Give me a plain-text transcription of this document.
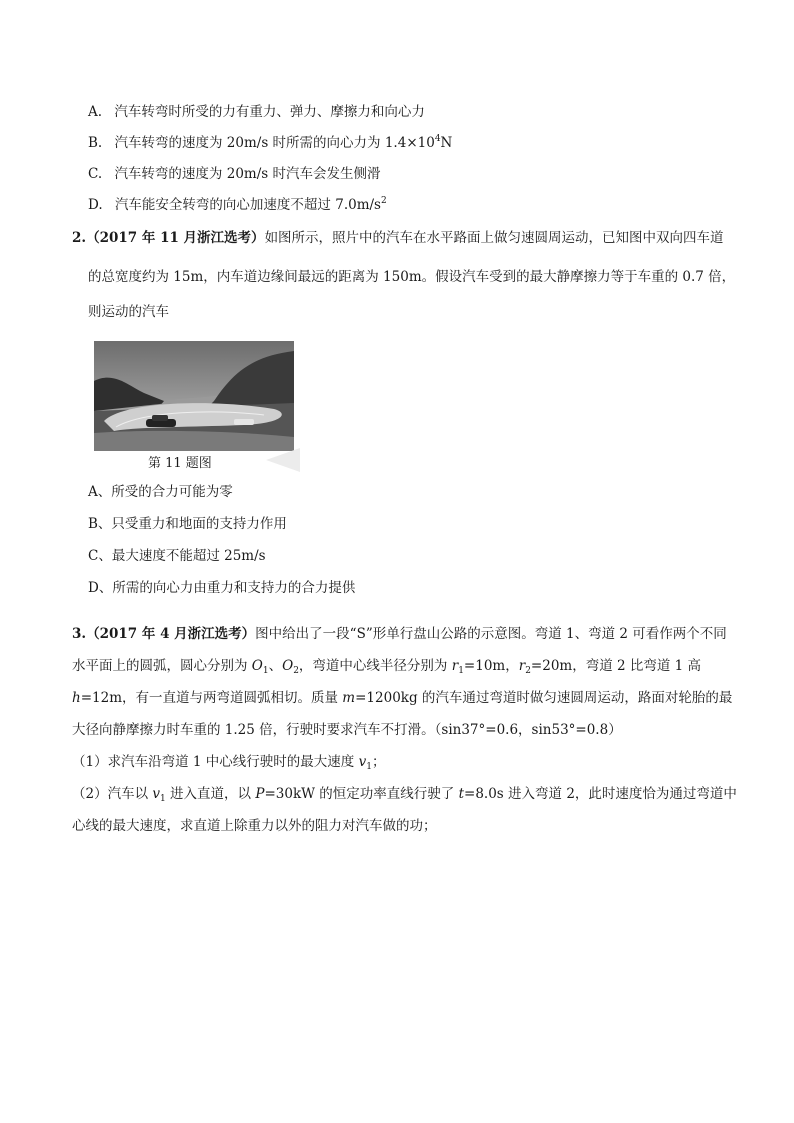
A. 汽车转弯时所受的力有重力、弹力、摩擦力和向心力
B. 汽车转弯的速度为 20m/s 时所需的向心力为 $1.4\times 10^4N$
C. 汽车转弯的速度为 20m/s 时汽车会发生侧滑
D. 汽车能安全转弯的向心加速度不超过 $7.0m/s^2$
2.（2017 年 11 月浙江选考）如图所示，照片中的汽车在水平路面上做匀速圆周运动，已知图中双向四车道
的总宽度约为 15m，内车道边缘间最远的距离为 150m。假设汽车受到的最大静摩擦力等于车重的 0.7 倍，
则运动的汽车
第 11 题图
A、所受的合力可能为零
B、只受重力和地面的支持力作用
C、最大速度不能超过 25m/s
D、所需的向心力由重力和支持力的合力提供
3.（2017 年 4 月浙江选考）图中给出了一段“S”形单行盘山公路的示意图。弯道 1、弯道 2 可看作两个不同
水平面上的圆弧，圆心分别为 $O_1$、$O_2$，弯道中心线半径分别为 $r_1=10m$，$r_2=20m$，弯道 2 比弯道 1 高
h=12m，有一直道与两弯道圆弧相切。质量 m=1200kg 的汽车通过弯道时做匀速圆周运动，路面对轮胎的最
大径向静摩擦力时车重的 1.25 倍，行驶时要求汽车不打滑。（sin37°=0.6，sin53°=0.8）
（1）求汽车沿弯道 1 中心线行驶时的最大速度 $v_1$；
（2）汽车以 $v_1$ 进入直道，以 P=30kW 的恒定功率直线行驶了 t=8.0s 进入弯道 2，此时速度恰为通过弯道中
心线的最大速度，求直道上除重力以外的阻力对汽车做的功；
